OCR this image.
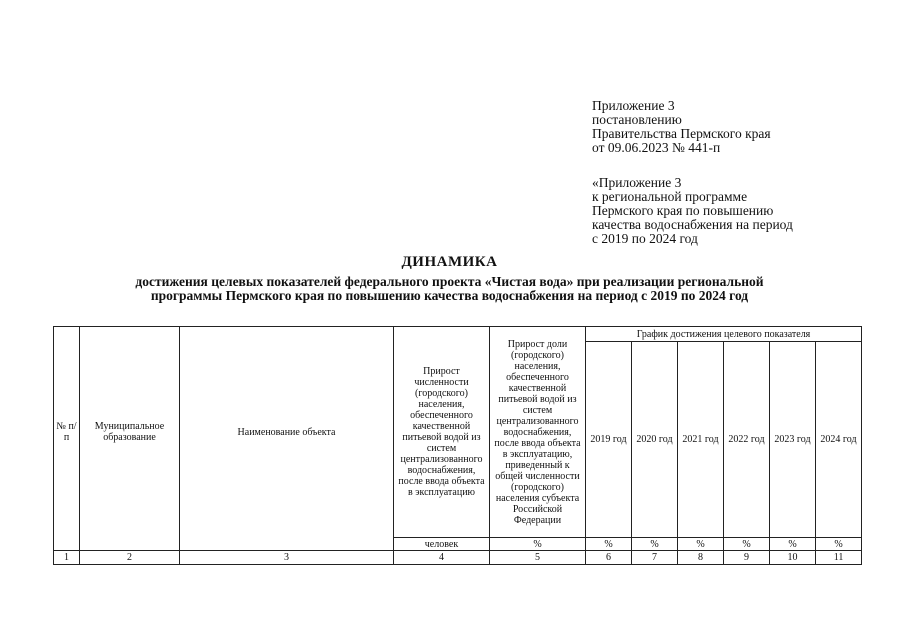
Приложение 3
постановлению
Правительства Пермского края
от 09.06.2023 № 441-п
«Приложение 3
к региональной программе
Пермского края по повышению
качества водоснабжения на период
с 2019 по 2024 год
ДИНАМИКА
достижения целевых показателей федерального проекта «Чистая вода» при реализации региональной
программы Пермского края по повышению качества водоснабжения на период с 2019 по 2024 год
№ п/п	Муниципальное образование	Наименование объекта	Прирост численности (городского) населения, обеспеченного качественной питьевой водой из систем централизованного водоснабжения, после ввода объекта в эксплуатацию	Прирост доли (городского) населения, обеспеченного качественной питьевой водой из систем централизованного водоснабжения, после ввода объекта в эксплуатацию, приведенный к общей численности (городского) населения субъекта Российской Федерации	График достижения целевого показателя					
					2019 год	2020 год	2021 год	2022 год	2023 год	2024 год
			человек	%	%	%	%	%	%	%
1	2	3	4	5	6	7	8	9	10	11
